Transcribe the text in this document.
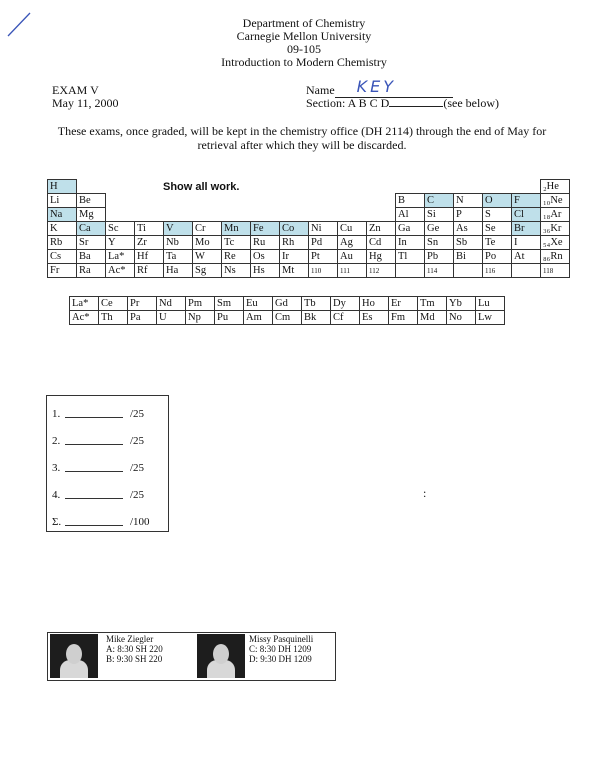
Department of Chemistry
Carnegie Mellon University
09-105
Introduction to Modern Chemistry
EXAM V
May 11, 2000
Name KEY
Section: A B C D	(see below)
These exams, once graded, will be kept in the chemistry office (DH 2114) through the end of May for retrieval after which they will be discarded.
Show all work.
H																	₂He
Li	Be											B	C	N	O	F	₁₀Ne
Na	Mg											Al	Si	P	S	Cl	₁₈Ar
K	Ca	Sc	Ti	V	Cr	Mn	Fe	Co	Ni	Cu	Zn	Ga	Ge	As	Se	Br	₃₆Kr
Rb	Sr	Y	Zr	Nb	Mo	Tc	Ru	Rh	Pd	Ag	Cd	In	Sn	Sb	Te	I	₅₄Xe
Cs	Ba	La*	Hf	Ta	W	Re	Os	Ir	Pt	Au	Hg	Tl	Pb	Bi	Po	At	₈₆Rn
Fr	Ra	Ac*	Rf	Ha	Sg	Ns	Hs	Mt	110	111	112		114		116		118
La*	Ce	Pr	Nd	Pm	Sm	Eu	Gd	Tb	Dy	Ho	Er	Tm	Yb	Lu
Ac*	Th	Pa	U	Np	Pu	Am	Cm	Bk	Cf	Es	Fm	Md	No	Lw
1.	/25
2.	/25
3.	/25
4.	/25
Σ.	/100
:
Mike Ziegler
A: 8:30 SH 220
B: 9:30 SH 220
Missy Pasquinelli
C: 8:30 DH 1209
D: 9:30 DH 1209
